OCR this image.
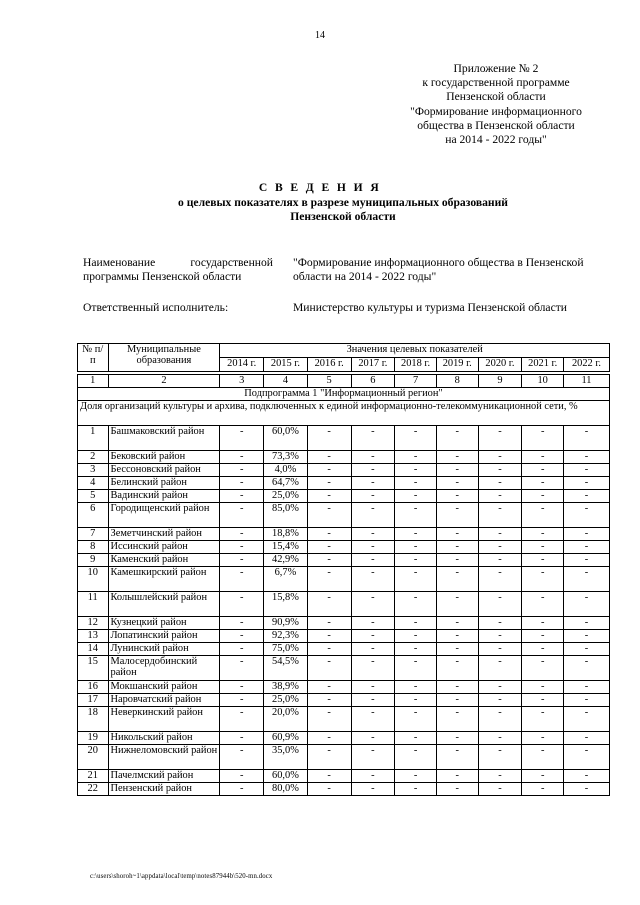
14
Приложение № 2
к государственной программе
Пензенской области
"Формирование информационного
общества в Пензенской области
на 2014 - 2022 годы"
С В Е Д Е Н И Я
о целевых показателях в разрезе муниципальных образований Пензенской области
Наименование государственной программы Пензенской области
"Формирование информационного общества в Пензенской области на 2014 - 2022 годы"
Ответственный исполнитель:	Министерство культуры и туризма Пензенской области
№ п/п	Муниципальные образования	Значения целевых показателей								
		2014 г.	2015 г.	2016 г.	2017 г.	2018 г.	2019 г.	2020 г.	2021 г.	2022 г.

1	2	3	4	5	6	7	8	9	10	11
Подпрограмма 1 "Информационный регион"										
Доля организаций культуры и архива, подключенных к единой информационно-телекоммуникационной сети, %										
1	Башмаковский район	-	60,0%	-	-	-	-	-	-	-
2	Бековский район	-	73,3%	-	-	-	-	-	-	-
3	Бессоновский район	-	4,0%	-	-	-	-	-	-	-
4	Белинский район	-	64,7%	-	-	-	-	-	-	-
5	Вадинский район	-	25,0%	-	-	-	-	-	-	-
6	Городищенский район	-	85,0%	-	-	-	-	-	-	-
7	Земетчинский район	-	18,8%	-	-	-	-	-	-	-
8	Иссинский район	-	15,4%	-	-	-	-	-	-	-
9	Каменский район	-	42,9%	-	-	-	-	-	-	-
10	Камешкирский район	-	6,7%	-	-	-	-	-	-	-
11	Колышлейский район	-	15,8%	-	-	-	-	-	-	-
12	Кузнецкий район	-	90,9%	-	-	-	-	-	-	-
13	Лопатинский район	-	92,3%	-	-	-	-	-	-	-
14	Лунинский район	-	75,0%	-	-	-	-	-	-	-
15	Малосердобинский район	-	54,5%	-	-	-	-	-	-	-
16	Мокшанский район	-	38,9%	-	-	-	-	-	-	-
17	Наровчатский район	-	25,0%	-	-	-	-	-	-	-
18	Неверкинский район	-	20,0%	-	-	-	-	-	-	-
19	Никольский район	-	60,9%	-	-	-	-	-	-	-
20	Нижнеломовский район	-	35,0%	-	-	-	-	-	-	-
21	Пачелмский район	-	60,0%	-	-	-	-	-	-	-
22	Пензенский район	-	80,0%	-	-	-	-	-	-	-
c:\users\shoroh~1\appdata\local\temp\notes87944b\520-mn.docx
